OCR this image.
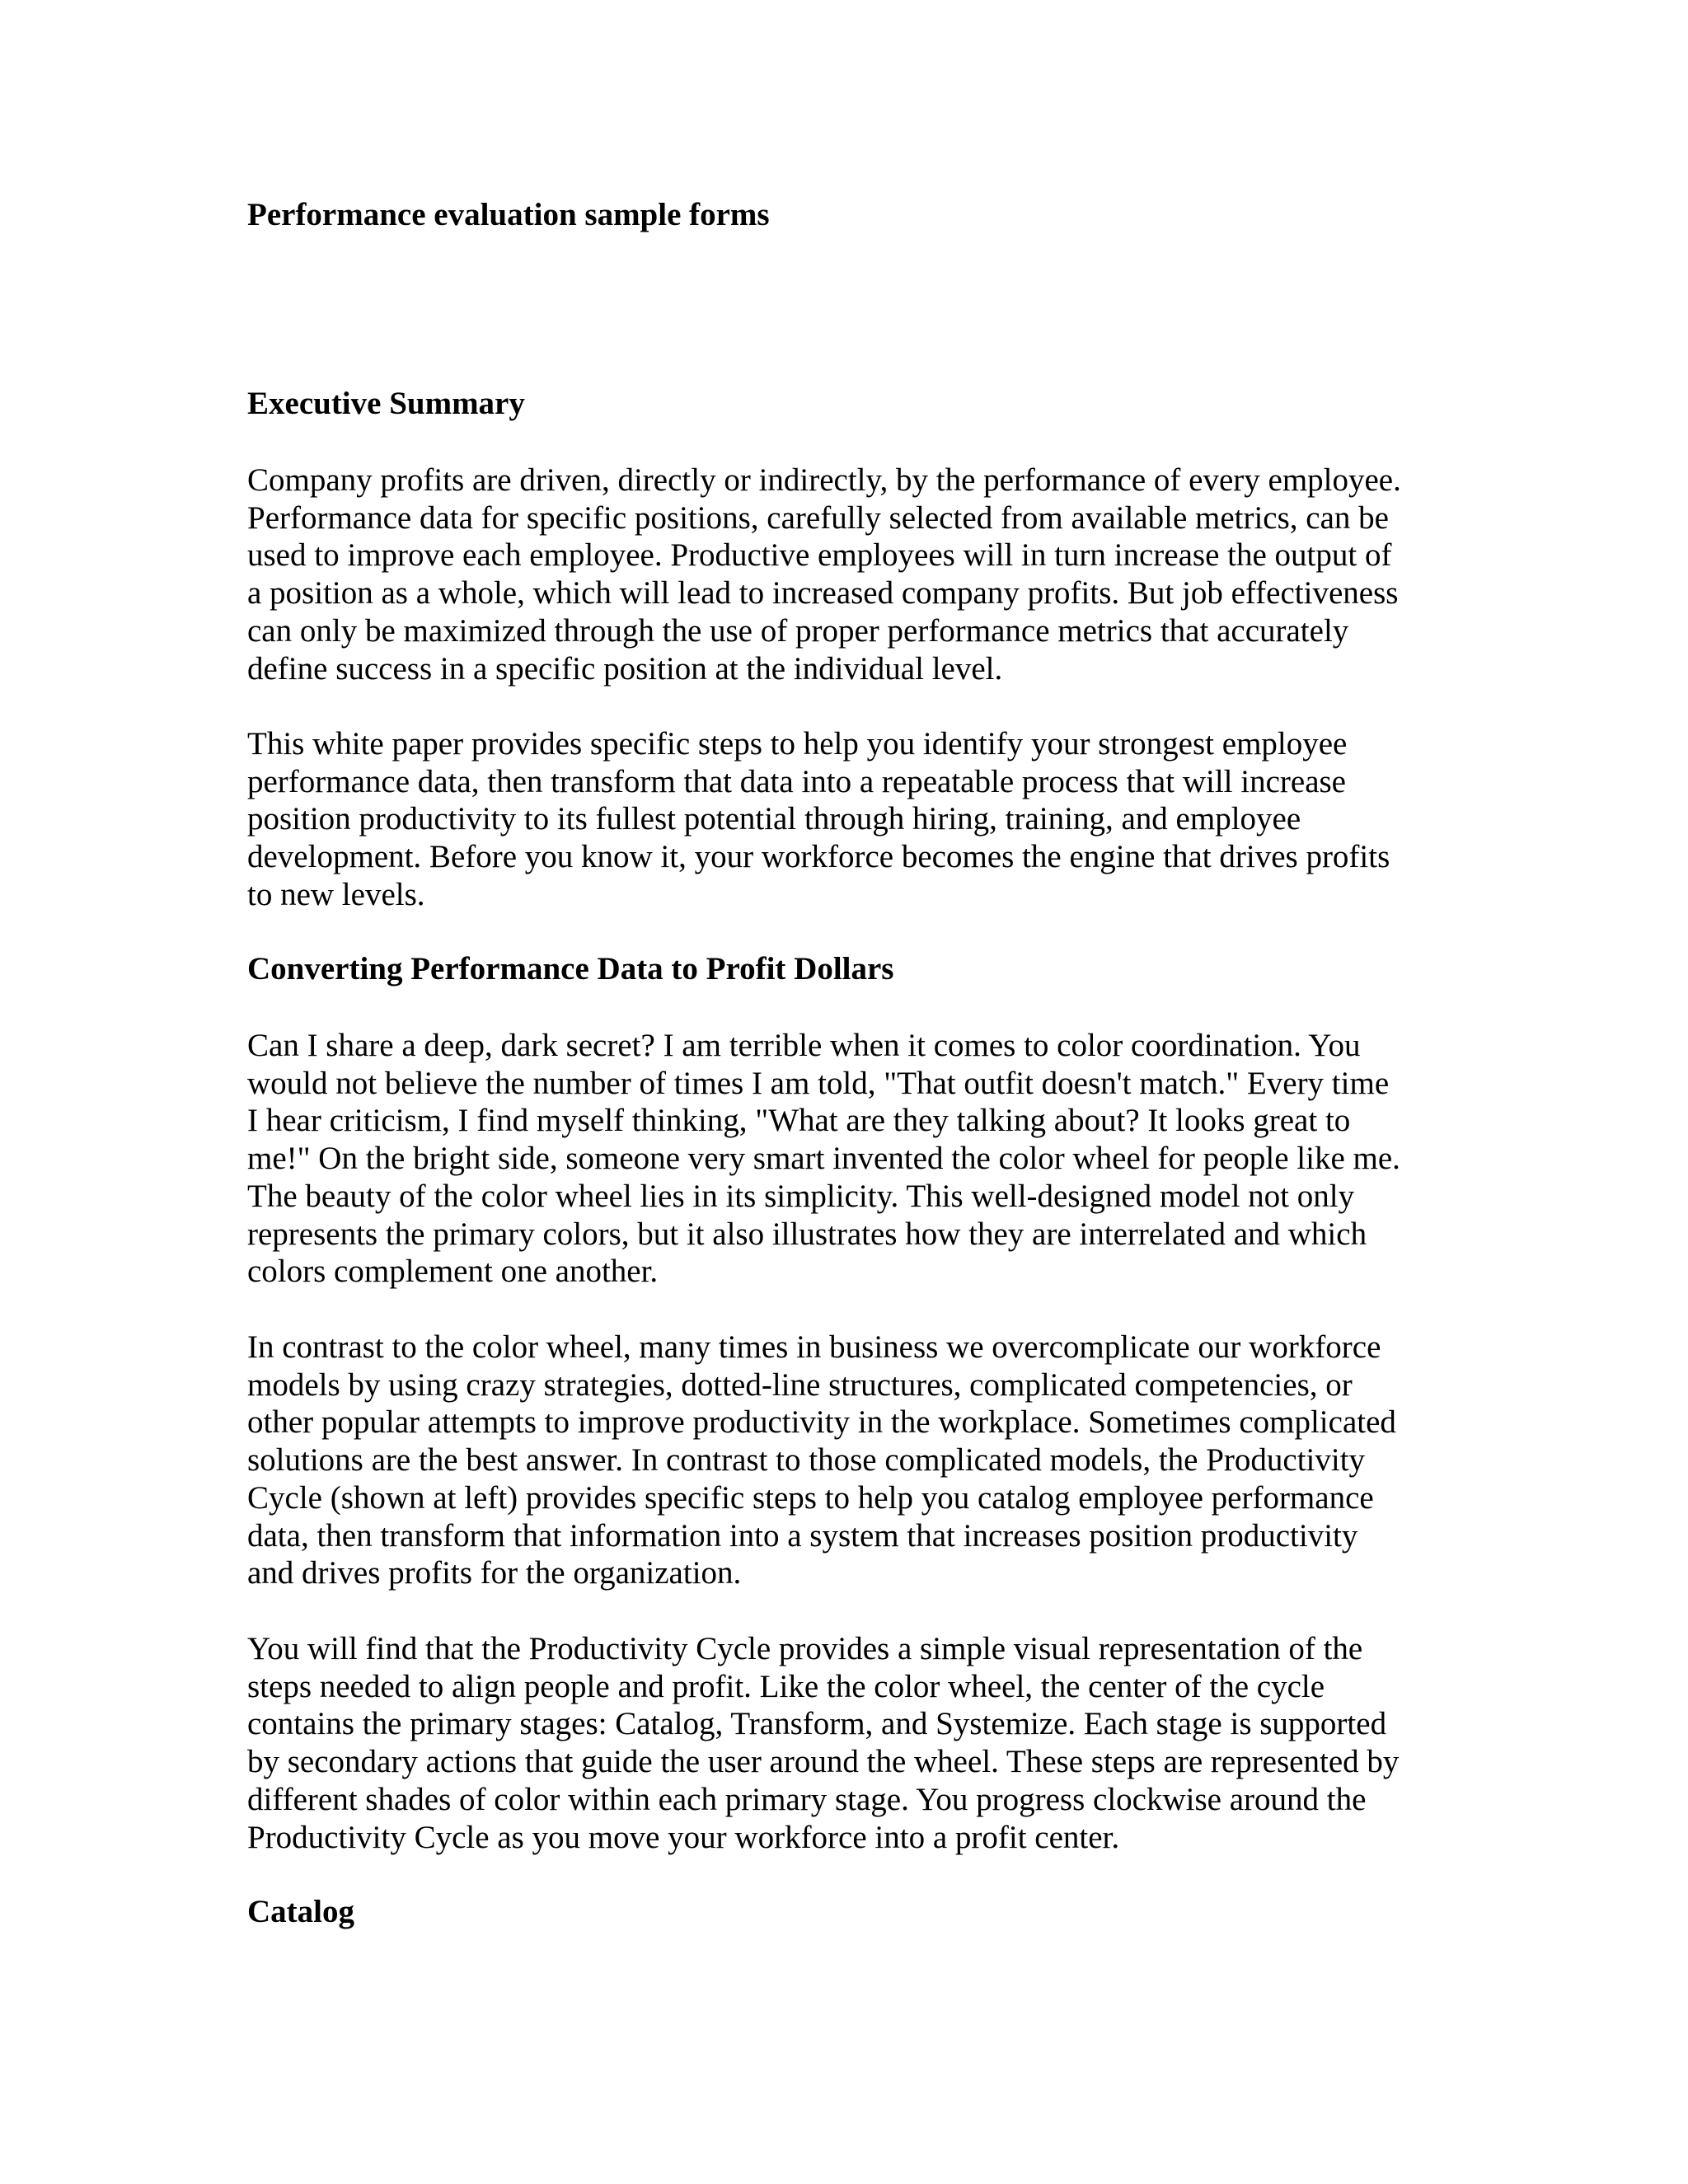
Performance evaluation sample forms
Executive Summary

Company profits are driven, directly or indirectly, by the performance of every employee.
Performance data for specific positions, carefully selected from available metrics, can be
used to improve each employee. Productive employees will in turn increase the output of
a position as a whole, which will lead to increased company profits. But job effectiveness
can only be maximized through the use of proper performance metrics that accurately
define success in a specific position at the individual level.

This white paper provides specific steps to help you identify your strongest employee
performance data, then transform that data into a repeatable process that will increase
position productivity to its fullest potential through hiring, training, and employee
development. Before you know it, your workforce becomes the engine that drives profits
to new levels.

Converting Performance Data to Profit Dollars

Can I share a deep, dark secret? I am terrible when it comes to color coordination. You
would not believe the number of times I am told, "That outfit doesn't match." Every time
I hear criticism, I find myself thinking, "What are they talking about? It looks great to
me!" On the bright side, someone very smart invented the color wheel for people like me.
The beauty of the color wheel lies in its simplicity. This well-designed model not only
represents the primary colors, but it also illustrates how they are interrelated and which
colors complement one another.

In contrast to the color wheel, many times in business we overcomplicate our workforce
models by using crazy strategies, dotted-line structures, complicated competencies, or
other popular attempts to improve productivity in the workplace. Sometimes complicated
solutions are the best answer. In contrast to those complicated models, the Productivity
Cycle (shown at left) provides specific steps to help you catalog employee performance
data, then transform that information into a system that increases position productivity
and drives profits for the organization.

You will find that the Productivity Cycle provides a simple visual representation of the
steps needed to align people and profit. Like the color wheel, the center of the cycle
contains the primary stages: Catalog, Transform, and Systemize. Each stage is supported
by secondary actions that guide the user around the wheel. These steps are represented by
different shades of color within each primary stage. You progress clockwise around the
Productivity Cycle as you move your workforce into a profit center.

Catalog
